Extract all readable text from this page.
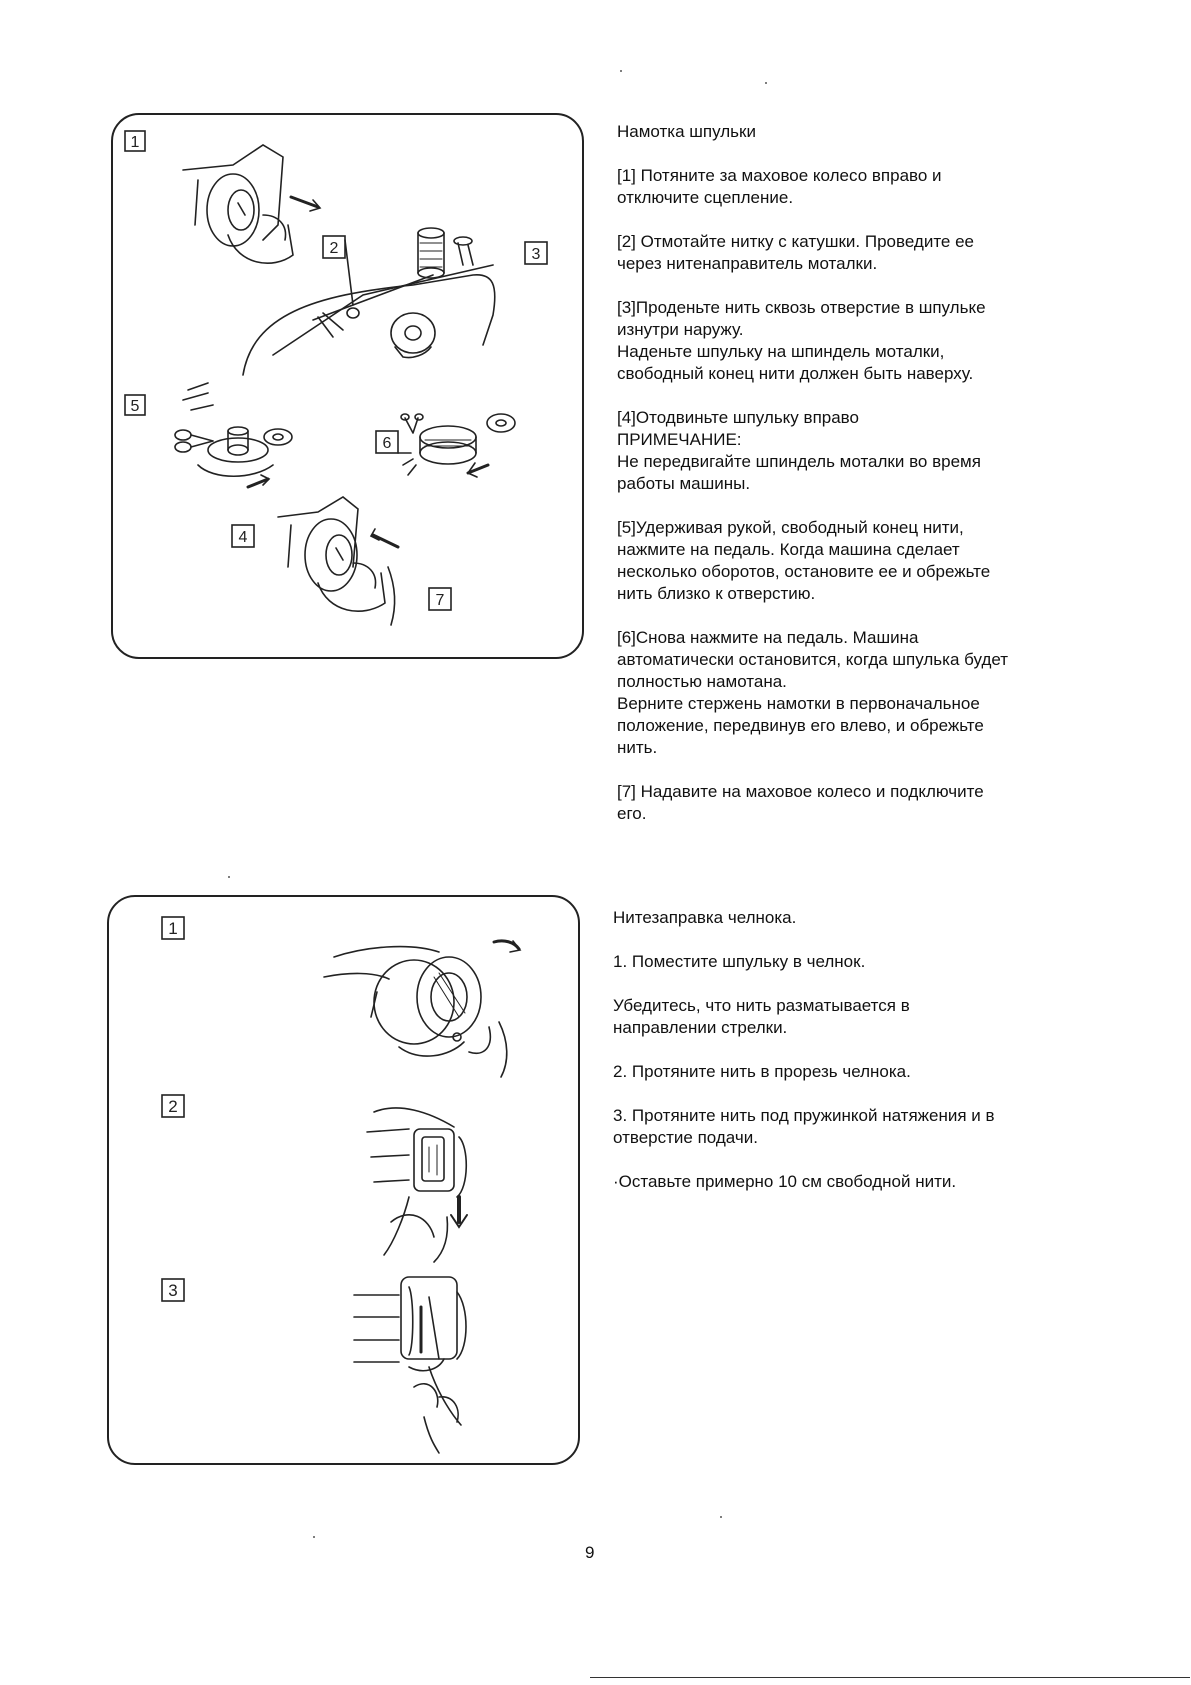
1
2	3
5
6
4
7
Намотка шпульки
[1] Потяните за маховое колесо вправо и
отключите сцепление.
[2] Отмотайте нитку с катушки. Проведите ее
через нитенаправитель моталки.
[3]Проденьте нить сквозь отверстие в шпульке
изнутри наружу.
Наденьте шпульку на шпиндель моталки,
свободный конец нити должен быть наверху.
[4]Отодвиньте шпульку вправо
ПРИМЕЧАНИЕ:
Не передвигайте шпиндель моталки во время
работы машины.
[5]Удерживая рукой, свободный конец нити,
нажмите на педаль. Когда машина сделает
несколько оборотов, остановите ее и обрежьте
нить близко к отверстию.
[6]Снова нажмите на педаль. Машина
автоматически остановится, когда шпулька будет
полностью намотана.
Верните стержень намотки в первоначальное
положение, передвинув его влево, и обрежьте
нить.
[7] Надавите на маховое колесо и подключите
его.
1
2
3
Нитезаправка челнока.
1. Поместите шпульку в челнок.
Убедитесь, что нить разматывается в
направлении стрелки.
2. Протяните нить в прорезь челнока.
3. Протяните нить под пружинкой натяжения и в
отверстие подачи.
·Оставьте примерно 10 см свободной нити.
9
